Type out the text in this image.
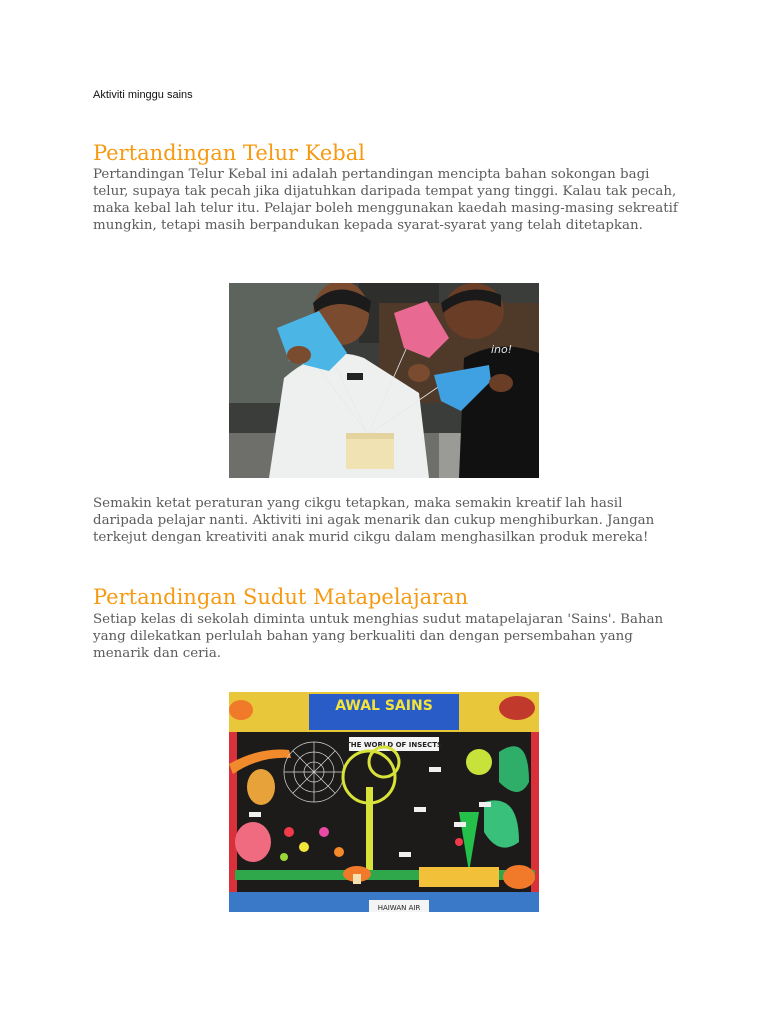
Aktiviti minggu sains

Pertandingan Telur Kebal

Pertandingan Telur Kebal ini adalah pertandingan mencipta bahan sokongan bagi telur, supaya tak pecah jika dijatuhkan daripada tempat yang tinggi. Kalau tak pecah, maka kebal lah telur itu. Pelajar boleh menggunakan kaedah masing-masing sekreatif mungkin, tetapi masih berpandukan kepada syarat-syarat yang telah ditetapkan.

ino!

Semakin ketat peraturan yang cikgu tetapkan, maka semakin kreatif lah hasil daripada pelajar nanti. Aktiviti ini agak menarik dan cukup menghiburkan. Jangan terkejut dengan kreativiti anak murid cikgu dalam menghasilkan produk mereka!

Pertandingan Sudut Matapelajaran

Setiap kelas di sekolah diminta untuk menghias sudut matapelajaran 'Sains'. Bahan yang dilekatkan perlulah bahan yang berkualiti dan dengan persembahan yang menarik dan ceria.

AWAL SAINS
THE WORLD OF INSECTS
HAIWAN AIR
